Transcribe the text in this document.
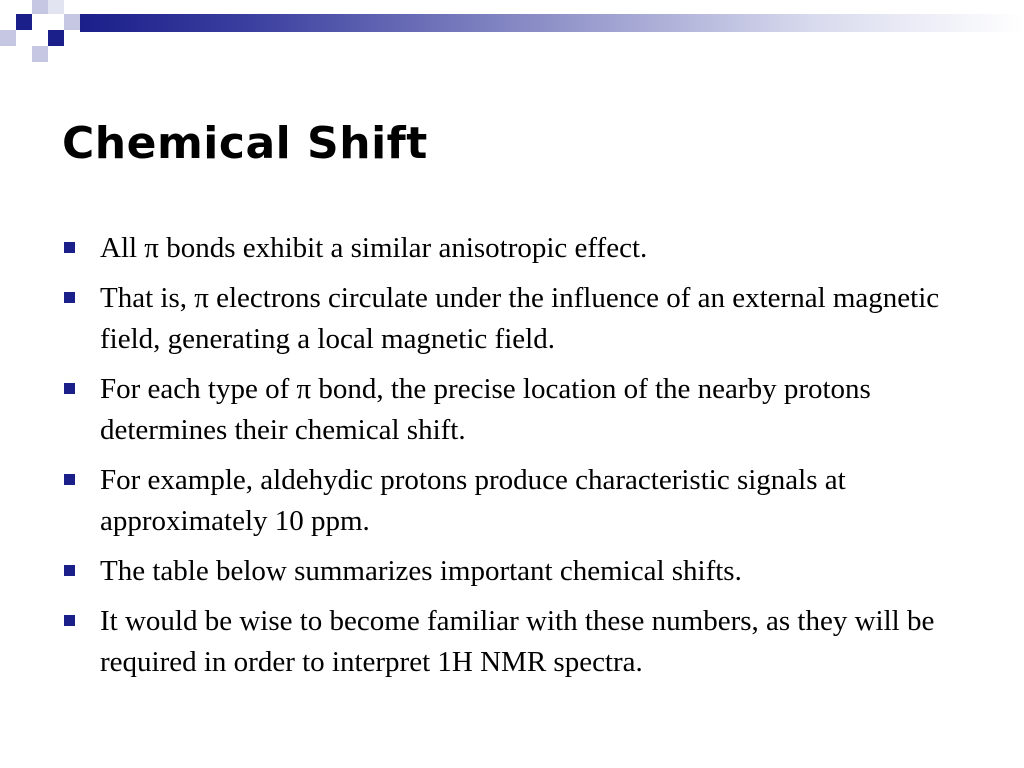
Chemical Shift
All π bonds exhibit a similar anisotropic effect.
That is, π electrons circulate under the influence of an external magnetic field, generating a local magnetic field.
For each type of π bond, the precise location of the nearby protons determines their chemical shift.
For example, aldehydic protons produce characteristic signals at approximately 10 ppm.
The table below summarizes important chemical shifts.
It would be wise to become familiar with these numbers, as they will be required in order to interpret 1H NMR spectra.
